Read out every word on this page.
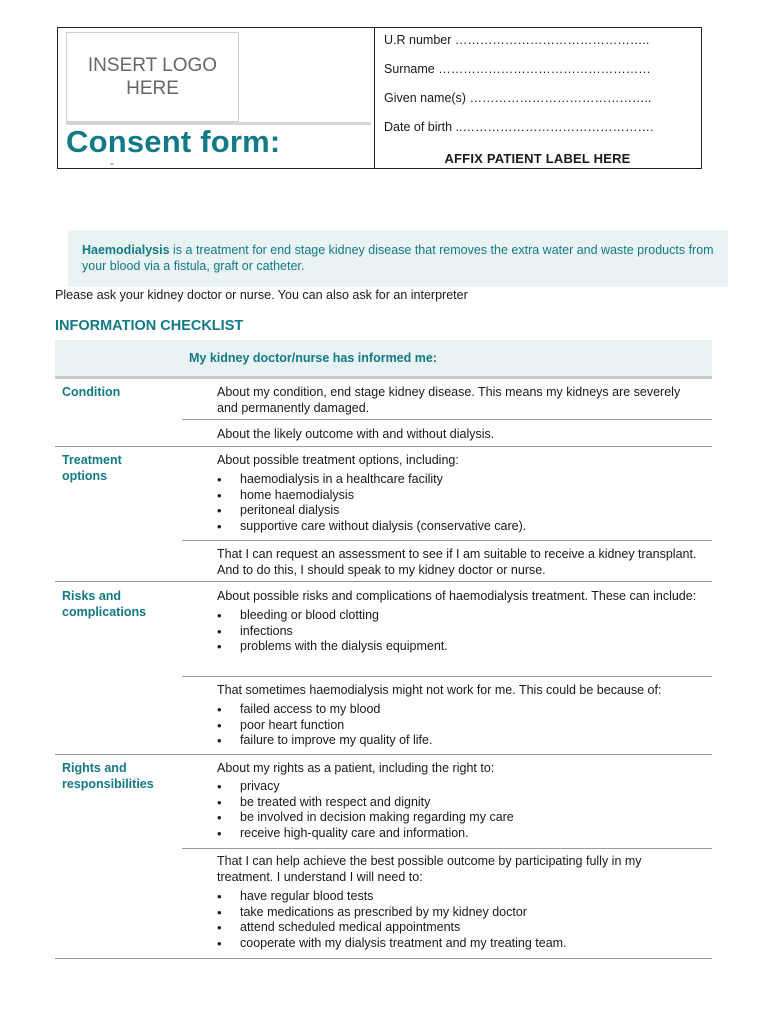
INSERT LOGO HERE
Consent form:
-
U.R number ………………………………………..
Surname ……………………………………………
Given name(s) ……………………………………..
Date of birth ..……………………………………….
AFFIX PATIENT LABEL HERE
Haemodialysis is a treatment for end stage kidney disease that removes the extra water and waste products from your blood via a fistula, graft or catheter.
Please ask your kidney doctor or nurse. You can also ask for an interpreter
INFORMATION CHECKLIST
My kidney doctor/nurse has informed me:
Condition	About my condition, end stage kidney disease. This means my kidneys are severely and permanently damaged.

About the likely outcome with and without dialysis.

Treatment options

About possible treatment options, including:

• haemodialysis in a healthcare facility
• home haemodialysis
• peritoneal dialysis
• supportive care without dialysis (conservative care).

That I can request an assessment to see if I am suitable to receive a kidney transplant. And to do this, I should speak to my kidney doctor or nurse.

Risks and complications

About possible risks and complications of haemodialysis treatment. These can include:

• bleeding or blood clotting
• infections
• problems with the dialysis equipment.

That sometimes haemodialysis might not work for me. This could be because of:

• failed access to my blood
• poor heart function
• failure to improve my quality of life.
Rights and responsibilities

About my rights as a patient, including the right to:

• privacy
• be treated with respect and dignity
• be involved in decision making regarding my care
• receive high-quality care and information.

That I can help achieve the best possible outcome by participating fully in my treatment. I understand I will need to:

• have regular blood tests
• take medications as prescribed by my kidney doctor
• attend scheduled medical appointments
• cooperate with my dialysis treatment and my treating team.
